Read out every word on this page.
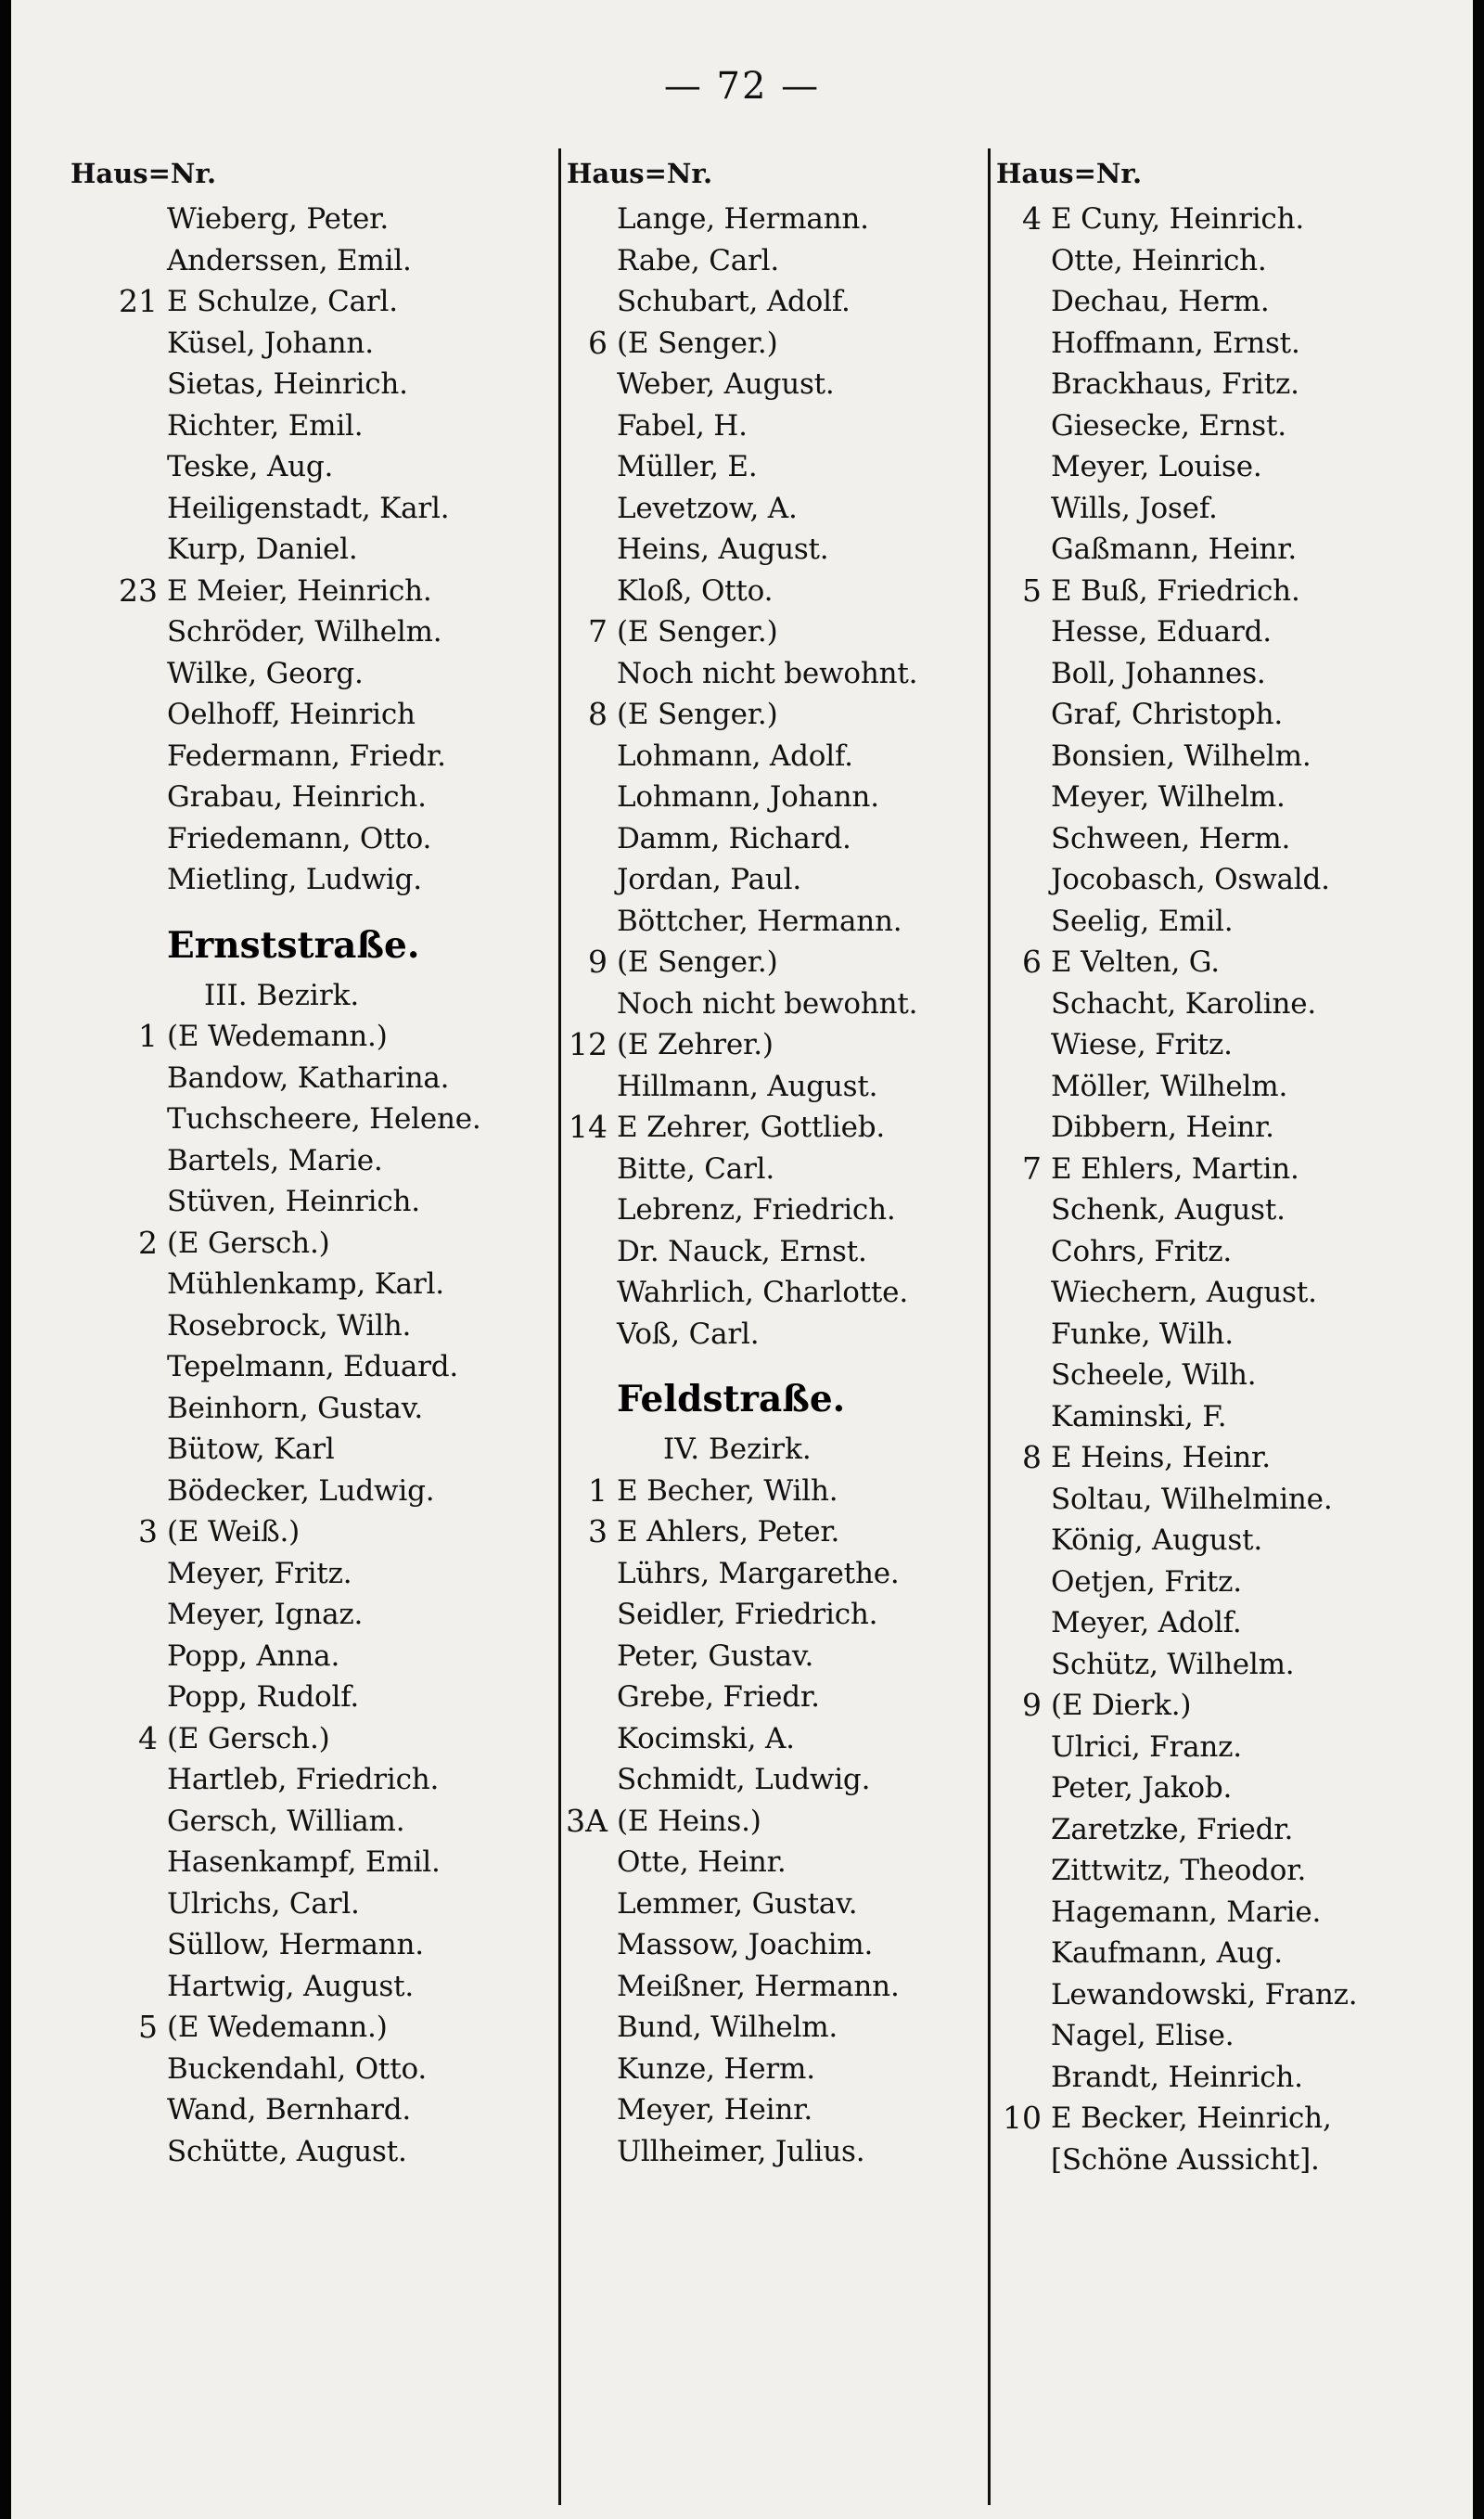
— 72 —
Haus=Nr.
Wieberg, Peter.
Anderssen, Emil.
21 E Schulze, Carl.
Küsel, Johann.
Sietas, Heinrich.
Richter, Emil.
Teske, Aug.
Heiligenstadt, Karl.
Kurp, Daniel.
23 E Meier, Heinrich.
Schröder, Wilhelm.
Wilke, Georg.
Oelhoff, Heinrich
Federmann, Friedr.
Grabau, Heinrich.
Friedemann, Otto.
Mietling, Ludwig.
Ernststraße.
III. Bezirk.
1 (E Wedemann.)
Bandow, Katharina.
Tuchscheere, Helene.
Bartels, Marie.
Stüven, Heinrich.
2 (E Gersch.)
Mühlenkamp, Karl.
Rosebrock, Wilh.
Tepelmann, Eduard.
Beinhorn, Gustav.
Bütow, Karl
Bödecker, Ludwig.
3 (E Weiß.)
Meyer, Fritz.
Meyer, Ignaz.
Popp, Anna.
Popp, Rudolf.
4 (E Gersch.)
Hartleb, Friedrich.
Gersch, William.
Hasenkampf, Emil.
Ulrichs, Carl.
Süllow, Hermann.
Hartwig, August.
5 (E Wedemann.)
Buckendahl, Otto.
Wand, Bernhard.
Schütte, August.
Haus=Nr.
Lange, Hermann.
Rabe, Carl.
Schubart, Adolf.
6 (E Senger.)
Weber, August.
Fabel, H.
Müller, E.
Levetzow, A.
Heins, August.
Kloß, Otto.
7 (E Senger.)
Noch nicht bewohnt.
8 (E Senger.)
Lohmann, Adolf.
Lohmann, Johann.
Damm, Richard.
Jordan, Paul.
Böttcher, Hermann.
9 (E Senger.)
Noch nicht bewohnt.
12 (E Zehrer.)
Hillmann, August.
14 E Zehrer, Gottlieb.
Bitte, Carl.
Lebrenz, Friedrich.
Dr. Nauck, Ernst.
Wahrlich, Charlotte.
Voß, Carl.
Feldstraße.
IV. Bezirk.
1 E Becher, Wilh.
3 E Ahlers, Peter.
Lührs, Margarethe.
Seidler, Friedrich.
Peter, Gustav.
Grebe, Friedr.
Kocimski, A.
Schmidt, Ludwig.
3A (E Heins.)
Otte, Heinr.
Lemmer, Gustav.
Massow, Joachim.
Meißner, Hermann.
Bund, Wilhelm.
Kunze, Herm.
Meyer, Heinr.
Ullheimer, Julius.
Haus=Nr.
4 E Cuny, Heinrich.
Otte, Heinrich.
Dechau, Herm.
Hoffmann, Ernst.
Brackhaus, Fritz.
Giesecke, Ernst.
Meyer, Louise.
Wills, Josef.
Gaßmann, Heinr.
5 E Buß, Friedrich.
Hesse, Eduard.
Boll, Johannes.
Graf, Christoph.
Bonsien, Wilhelm.
Meyer, Wilhelm.
Schween, Herm.
Jocobasch, Oswald.
Seelig, Emil.
6 E Velten, G.
Schacht, Karoline.
Wiese, Fritz.
Möller, Wilhelm.
Dibbern, Heinr.
7 E Ehlers, Martin.
Schenk, August.
Cohrs, Fritz.
Wiechern, August.
Funke, Wilh.
Scheele, Wilh.
Kaminski, F.
8 E Heins, Heinr.
Soltau, Wilhelmine.
König, August.
Oetjen, Fritz.
Meyer, Adolf.
Schütz, Wilhelm.
9 (E Dierk.)
Ulrici, Franz.
Peter, Jakob.
Zaretzke, Friedr.
Zittwitz, Theodor.
Hagemann, Marie.
Kaufmann, Aug.
Lewandowski, Franz.
Nagel, Elise.
Brandt, Heinrich.
10 E Becker, Heinrich,
[Schöne Aussicht].
